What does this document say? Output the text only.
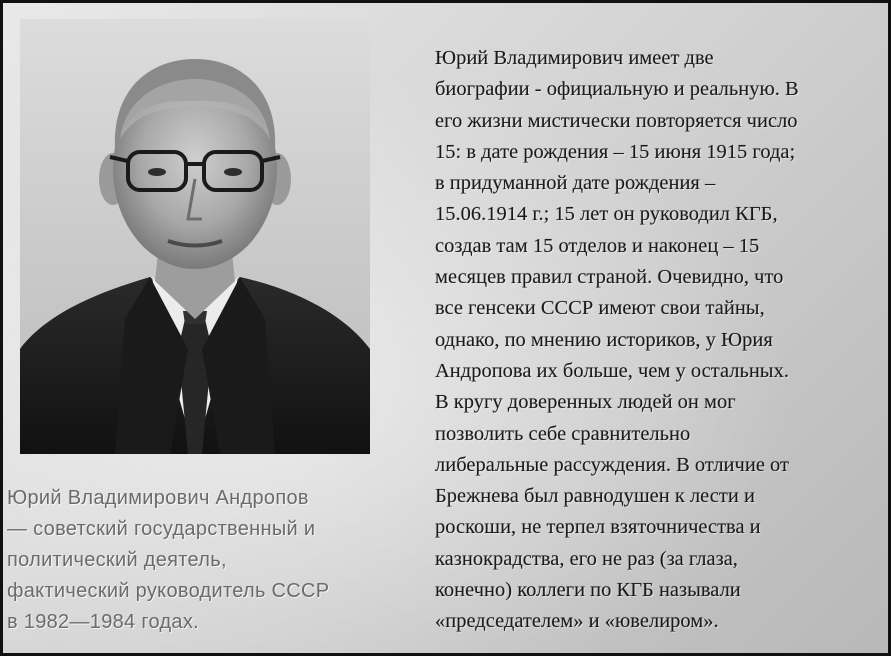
Юрий Владимирович имеет две
биографии - официальную и реальную. В
его жизни мистически повторяется число
15: в дате рождения – 15 июня 1915 года;
в придуманной дате рождения –
15.06.1914 г.; 15 лет он руководил КГБ,
создав там 15 отделов и наконец – 15
месяцев правил страной. Очевидно, что
все генсеки СССР имеют свои тайны,
однако, по мнению историков, у Юрия
Андропова их больше, чем у остальных.
В кругу доверенных людей он мог
позволить себе сравнительно
либеральные рассуждения. В отличие от
Брежнева был равнодушен к лести и
роскоши, не терпел взяточничества и
казнокрадства, его не раз (за глаза,
конечно) коллеги по КГБ называли
«председателем» и «ювелиром».
Юрий Владимирович Андропов
— советский государственный и
политический деятель,
фактический руководитель СССР
в 1982—1984 годах.
